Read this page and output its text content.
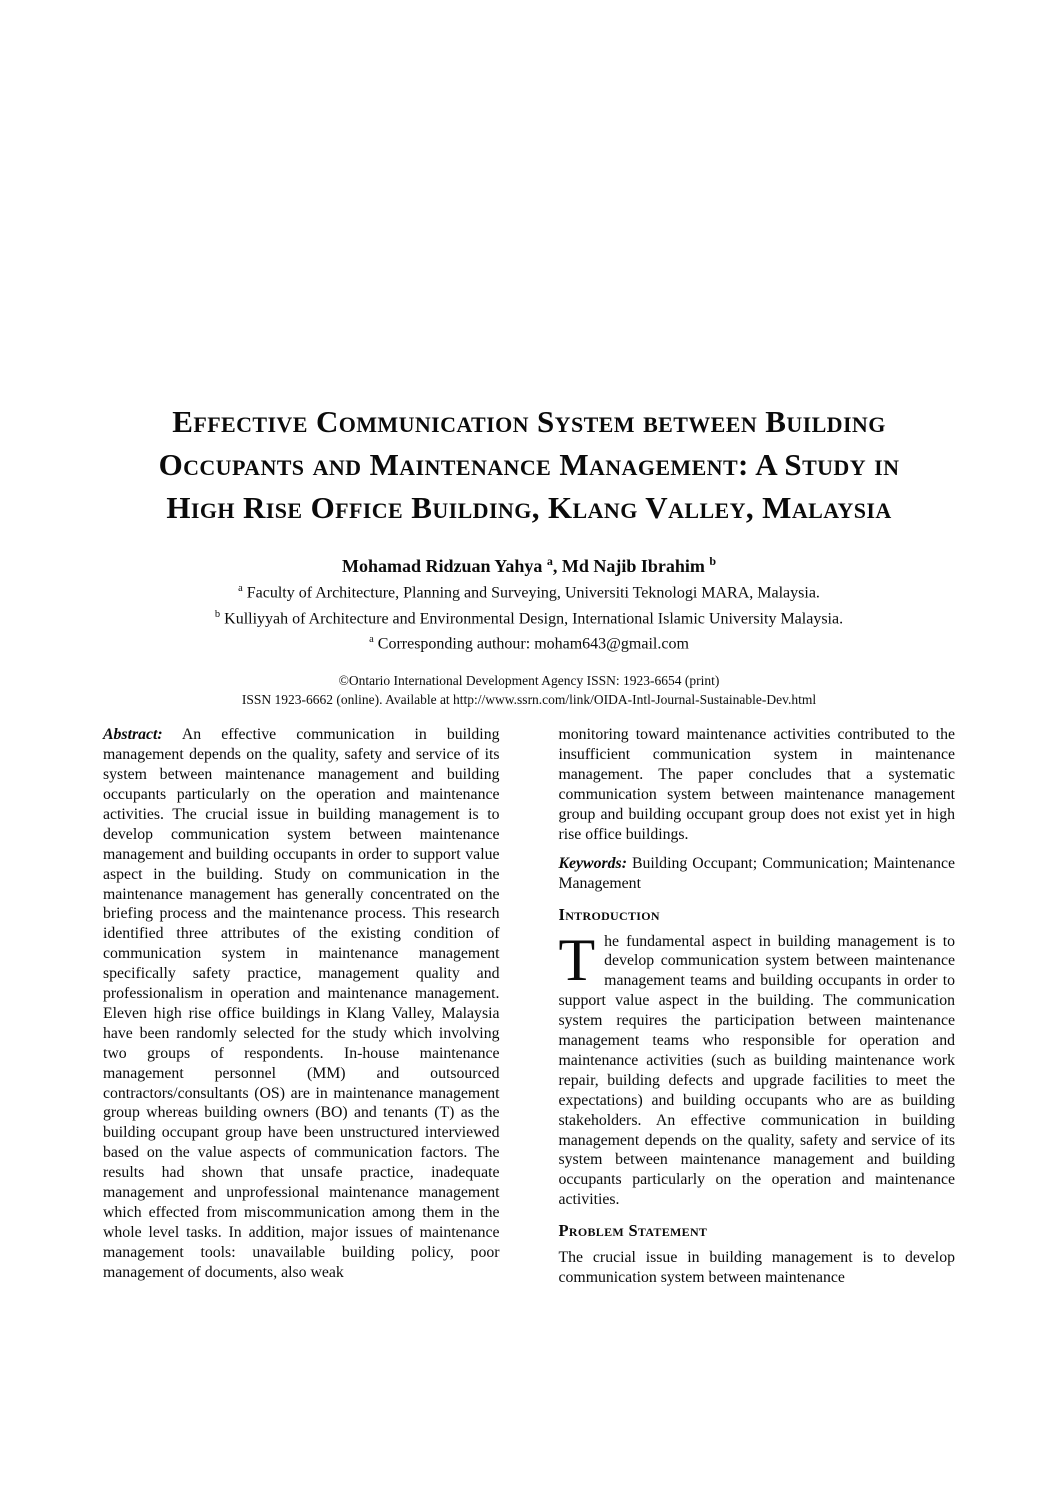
Effective Communication System between Building
Occupants and Maintenance Management: A Study in
High Rise Office Building, Klang Valley, Malaysia
Mohamad Ridzuan Yahya $^a$, Md Najib Ibrahim $^b$
$^a$ Faculty of Architecture, Planning and Surveying, Universiti Teknologi MARA, Malaysia.
$^b$ Kulliyyah of Architecture and Environmental Design, International Islamic University Malaysia.
$^a$ Corresponding authour: moham643@gmail.com
©Ontario International Development Agency ISSN: 1923-6654 (print)
ISSN 1923-6662 (online). Available at http://www.ssrn.com/link/OIDA-Intl-Journal-Sustainable-Dev.html

Abstract: An effective communication in building management depends on the quality, safety and service of its system between maintenance management and building occupants particularly on the operation and maintenance activities. The crucial issue in building management is to develop communication system between maintenance management and building occupants in order to support value aspect in the building. Study on communication in the maintenance management has generally concentrated on the briefing process and the maintenance process. This research identified three attributes of the existing condition of communication system in maintenance management specifically safety practice, management quality and professionalism in operation and maintenance management. Eleven high rise office buildings in Klang Valley, Malaysia have been randomly selected for the study which involving two groups of respondents. In-house maintenance management personnel (MM) and outsourced contractors/consultants (OS) are in maintenance management group whereas building owners (BO) and tenants (T) as the building occupant group have been unstructured interviewed based on the value aspects of communication factors. The results had shown that unsafe practice, inadequate management and unprofessional maintenance management which effected from miscommunication among them in the whole level tasks. In addition, major issues of maintenance management tools: unavailable building policy, poor management of documents, also weak

monitoring toward maintenance activities contributed to the insufficient communication system in maintenance management. The paper concludes that a systematic communication system between maintenance management group and building occupant group does not exist yet in high rise office buildings.

Keywords: Building Occupant; Communication; Maintenance Management

Introduction

The fundamental aspect in building management is to develop communication system between maintenance management teams and building occupants in order to support value aspect in the building. The communication system requires the participation between maintenance management teams who responsible for operation and maintenance activities (such as building maintenance work repair, building defects and upgrade facilities to meet the expectations) and building occupants who are as building stakeholders. An effective communication in building management depends on the quality, safety and service of its system between maintenance management and building occupants particularly on the operation and maintenance activities.

Problem Statement

The crucial issue in building management is to develop communication system between maintenance
